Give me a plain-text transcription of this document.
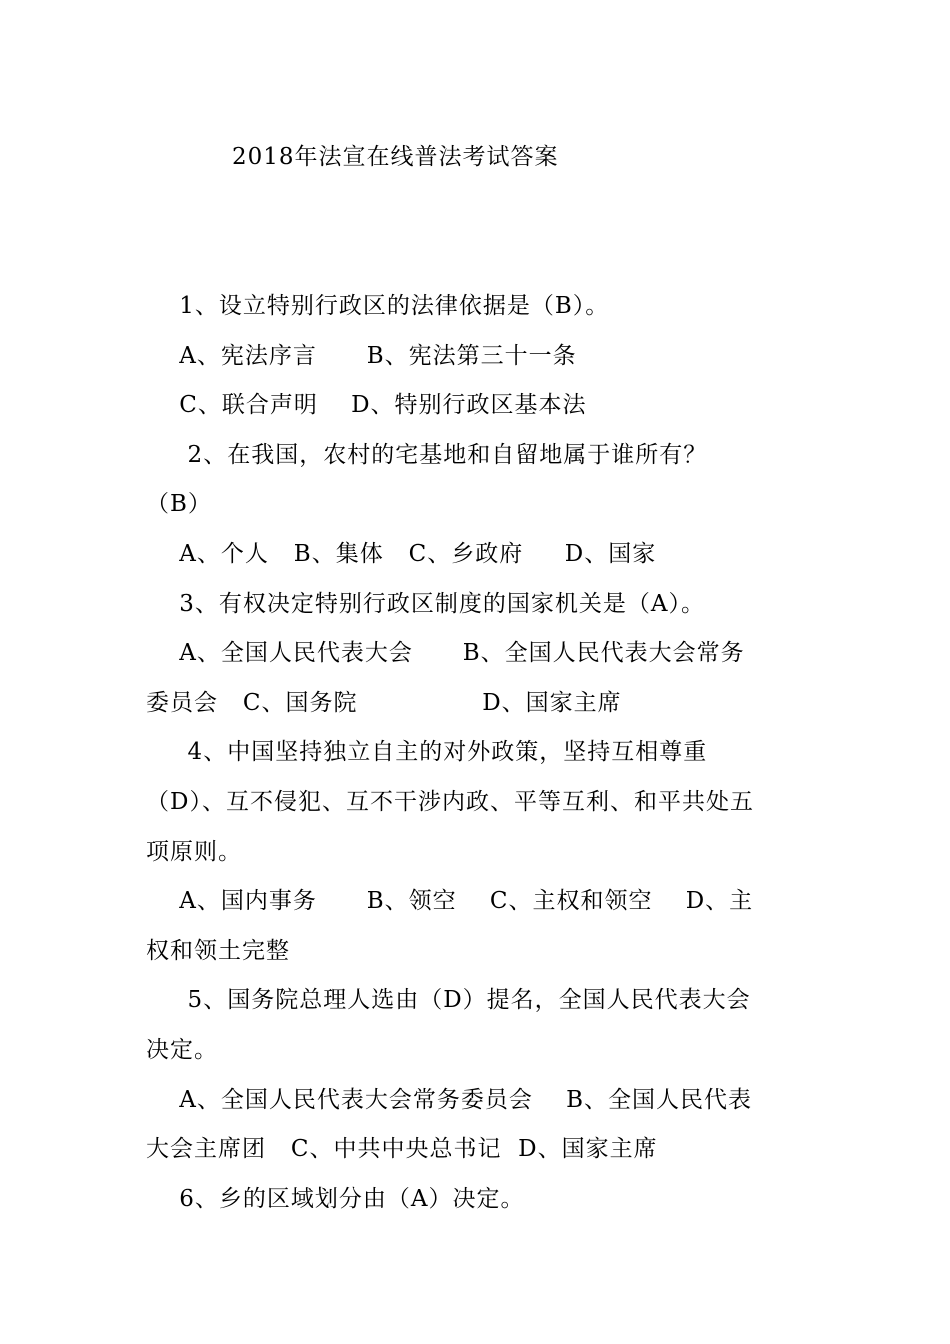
2018年法宣在线普法考试答案
1、设立特别行政区的法律依据是（B）。
A、宪法序言      B、宪法第三十一条
C、联合声明    D、特别行政区基本法
2、在我国，农村的宅基地和自留地属于谁所有？
（B）
A、个人   B、集体   C、乡政府     D、国家
3、有权决定特别行政区制度的国家机关是（A）。
A、全国人民代表大会      B、全国人民代表大会常务
委员会   C、国务院               D、国家主席
4、中国坚持独立自主的对外政策，坚持互相尊重
（D）、互不侵犯、互不干涉内政、平等互利、和平共处五
项原则。
A、国内事务      B、领空    C、主权和领空    D、主
权和领土完整
5、国务院总理人选由（D）提名，全国人民代表大会
决定。
A、全国人民代表大会常务委员会    B、全国人民代表
大会主席团   C、中共中央总书记  D、国家主席
6、乡的区域划分由（A）决定。
